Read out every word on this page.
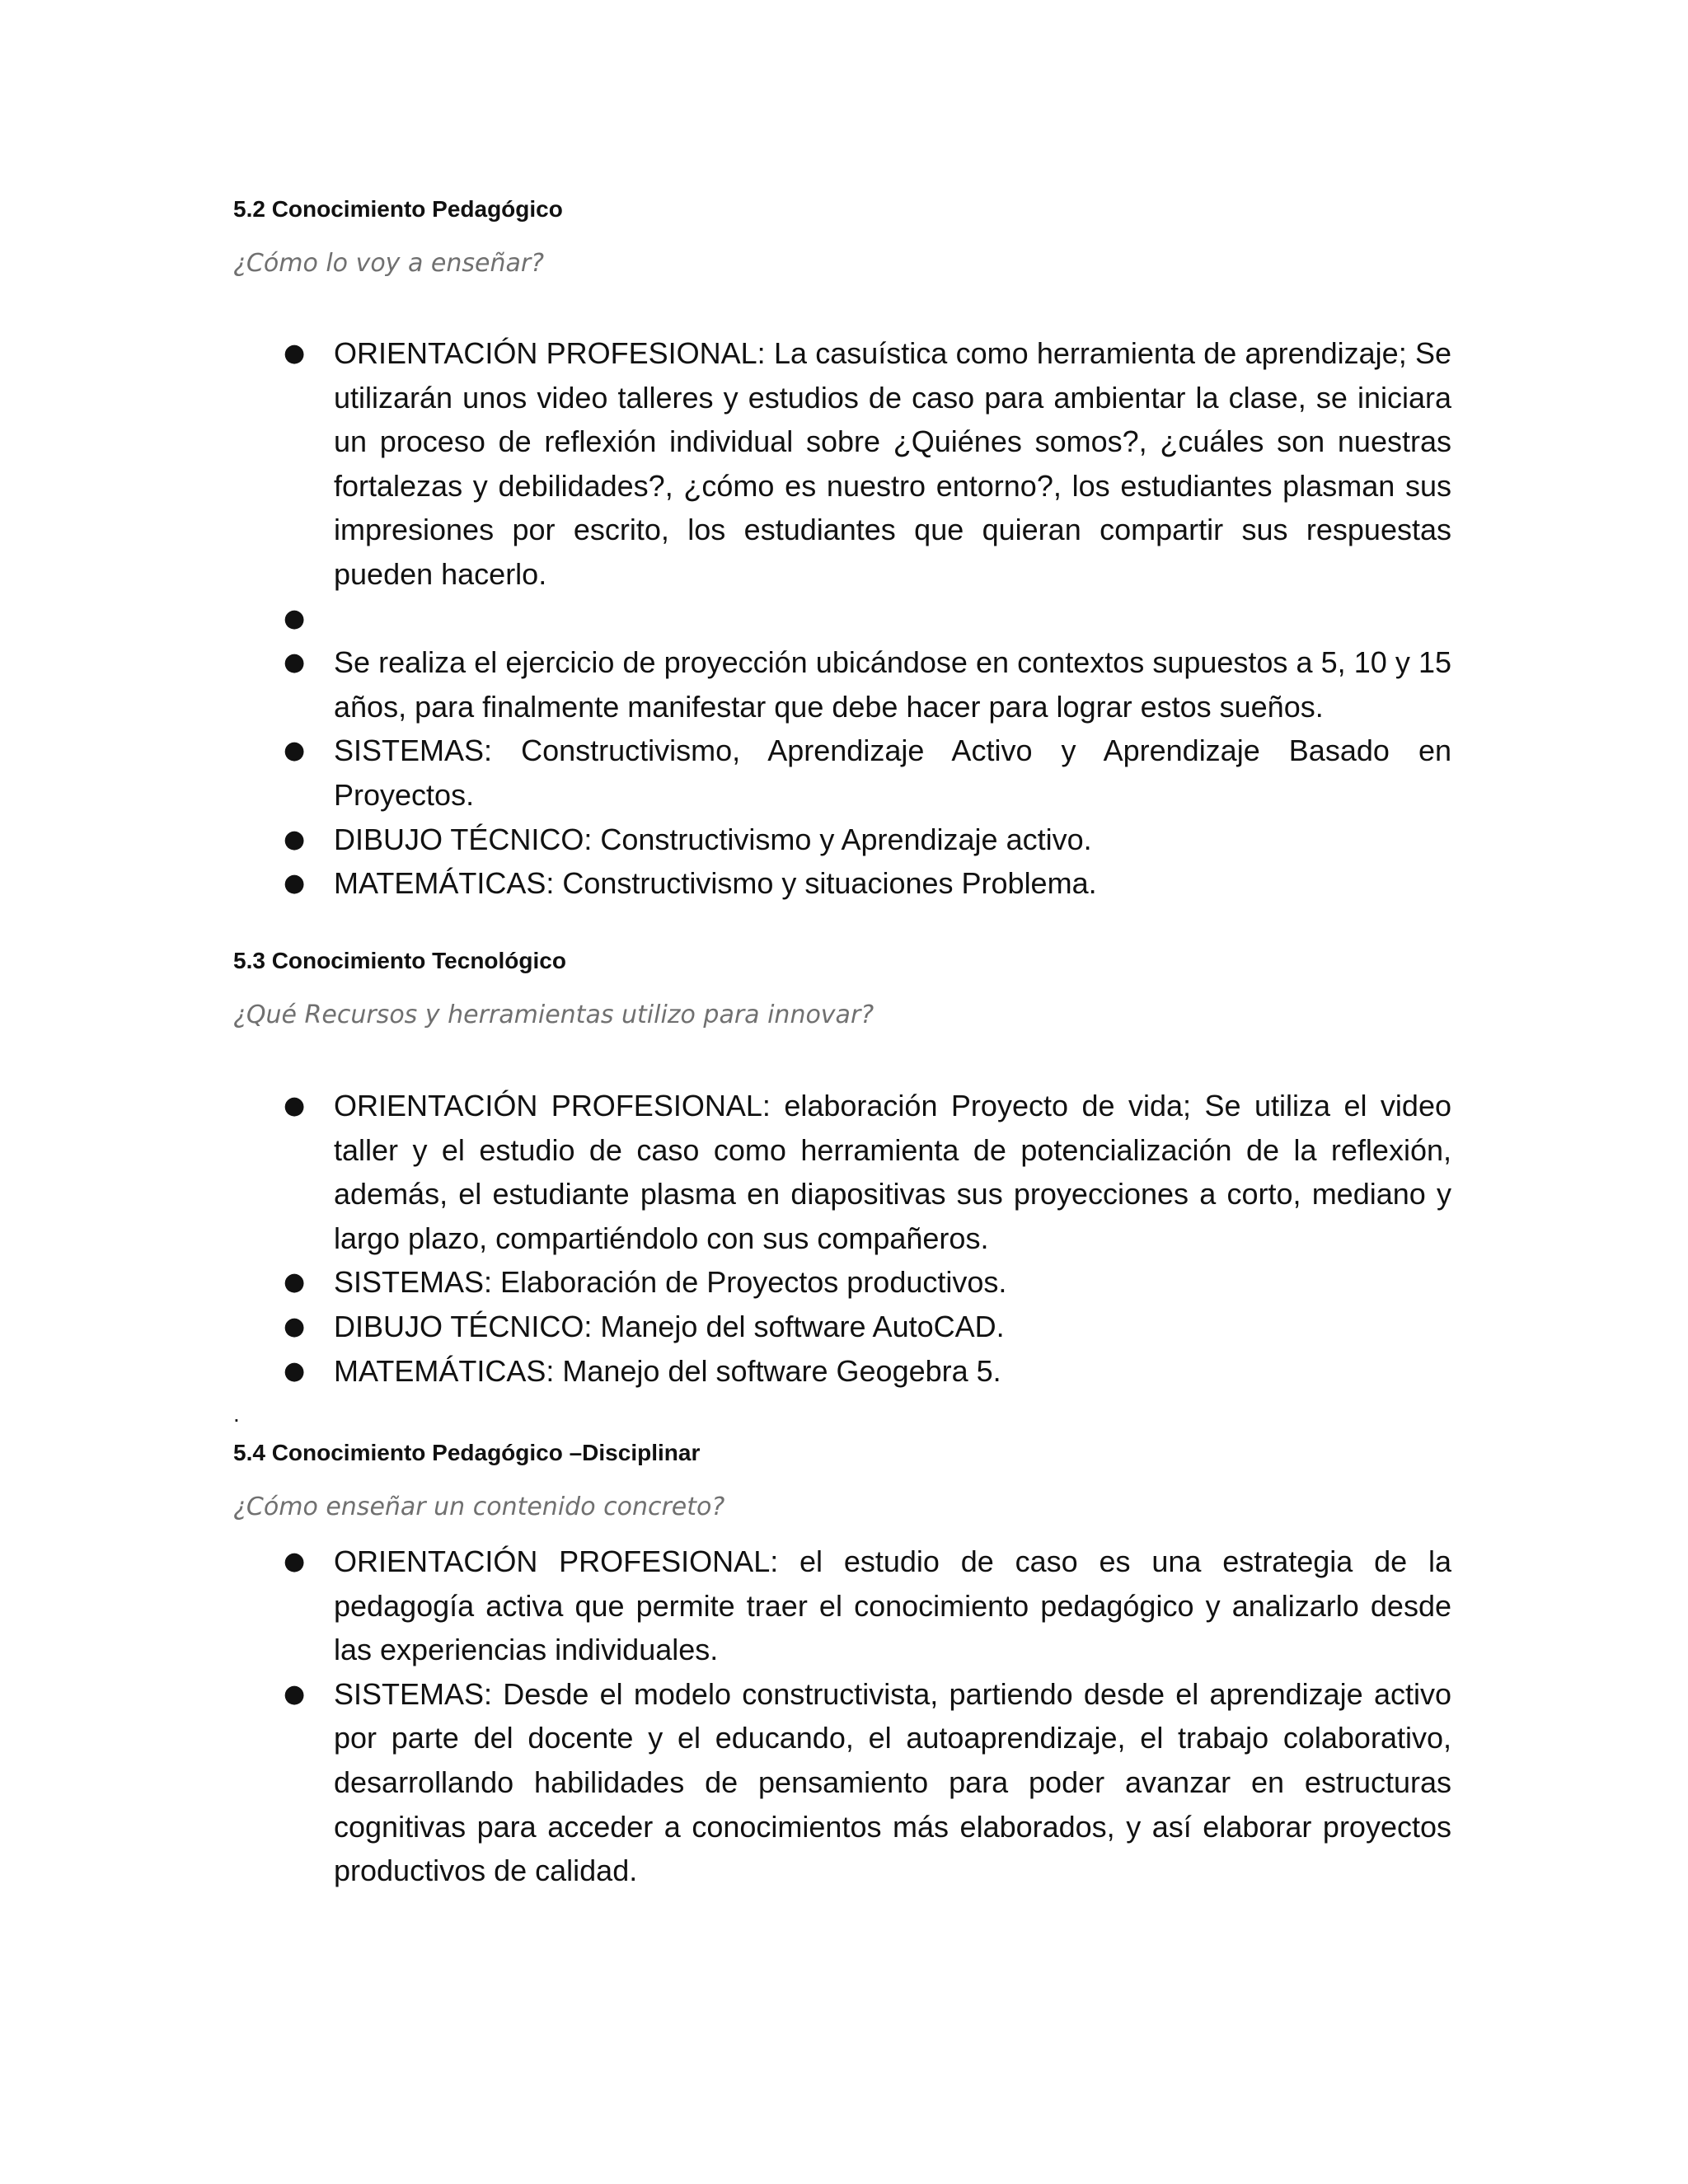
5.2 Conocimiento Pedagógico
¿Cómo lo voy a enseñar?
● ORIENTACIÓN PROFESIONAL: La casuística como herramienta de aprendizaje; Se utilizarán unos video talleres y estudios de caso para ambientar la clase, se iniciara un proceso de reflexión individual sobre ¿Quiénes somos?, ¿cuáles son nuestras fortalezas y debilidades?, ¿cómo es nuestro entorno?, los estudiantes plasman sus impresiones por escrito, los estudiantes que quieran compartir sus respuestas pueden hacerlo.
●
● Se realiza el ejercicio de proyección ubicándose en contextos supuestos a 5, 10 y 15 años, para finalmente manifestar que debe hacer para lograr estos sueños.
● SISTEMAS: Constructivismo, Aprendizaje Activo y Aprendizaje Basado en Proyectos.
● DIBUJO TÉCNICO: Constructivismo y Aprendizaje activo.
● MATEMÁTICAS: Constructivismo y situaciones Problema.
5.3 Conocimiento Tecnológico
¿Qué Recursos y herramientas utilizo para innovar?
● ORIENTACIÓN PROFESIONAL: elaboración Proyecto de vida; Se utiliza el video taller y el estudio de caso como herramienta de potencialización de la reflexión, además, el estudiante plasma en diapositivas sus proyecciones a corto, mediano y largo plazo, compartiéndolo con sus compañeros.
● SISTEMAS: Elaboración de Proyectos productivos.
● DIBUJO TÉCNICO: Manejo del software AutoCAD.
● MATEMÁTICAS: Manejo del software Geogebra 5.
.
5.4 Conocimiento Pedagógico –Disciplinar
¿Cómo enseñar un contenido concreto?
● ORIENTACIÓN PROFESIONAL: el estudio de caso es una estrategia de la pedagogía activa que permite traer el conocimiento pedagógico y analizarlo desde las experiencias individuales.
● SISTEMAS: Desde el modelo constructivista, partiendo desde el aprendizaje activo por parte del docente y el educando, el autoaprendizaje, el trabajo colaborativo, desarrollando habilidades de pensamiento para poder avanzar en estructuras cognitivas para acceder a conocimientos más elaborados, y así elaborar proyectos productivos de calidad.
